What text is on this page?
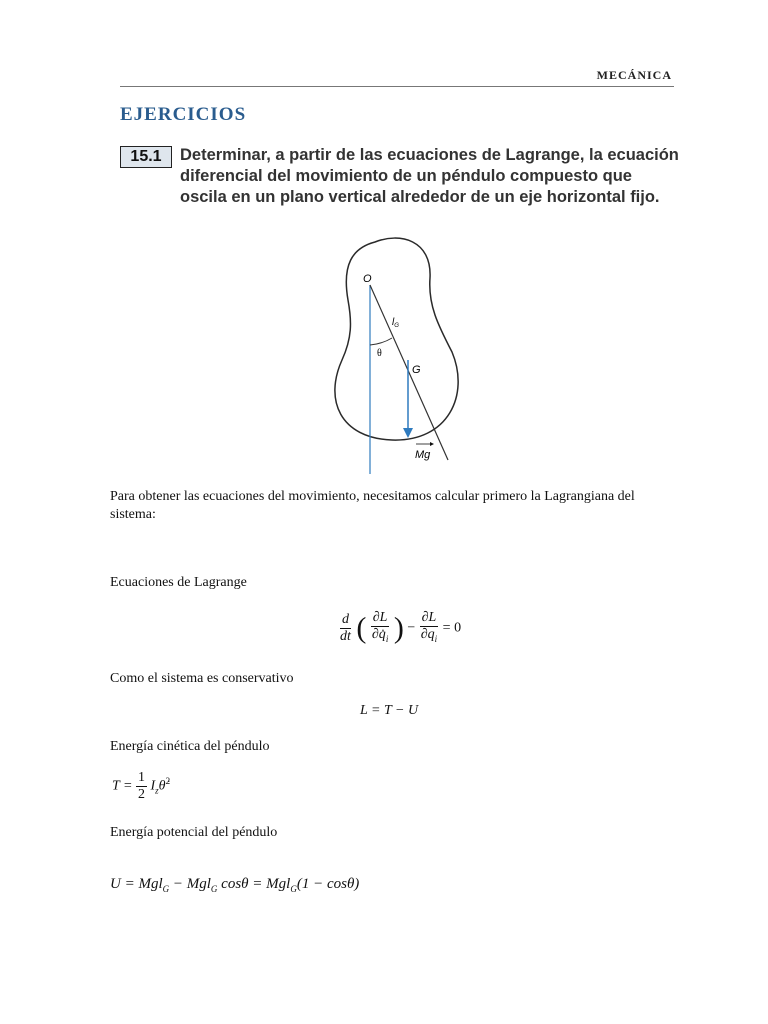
MECÁNICA
EJERCICIOS
15.1	Determinar, a partir de las ecuaciones de Lagrange, la ecuación diferencial del movimiento de un péndulo compuesto que oscila en un plano vertical alrededor de un eje horizontal fijo.
O
$l_G$
θ
G
Mg
Para obtener las ecuaciones del movimiento, necesitamos calcular primero la Lagrangiana del sistema:
Ecuaciones de Lagrange
$\frac{d}{dt}$ ( $\frac{\partial L}{\partial q̇_i}$ ) − $\frac{\partial L}{\partial q_i} = 0$
Como el sistema es conservativo
L = T − U
Energía cinética del péndulo
$T = \frac{1}{2}$ $I_z\thetȧ^2$
Energía potencial del péndulo
U = Mgl$_G$ − Mgl$_G$ cosθ = Mgl$_G$(1 − cosθ)
